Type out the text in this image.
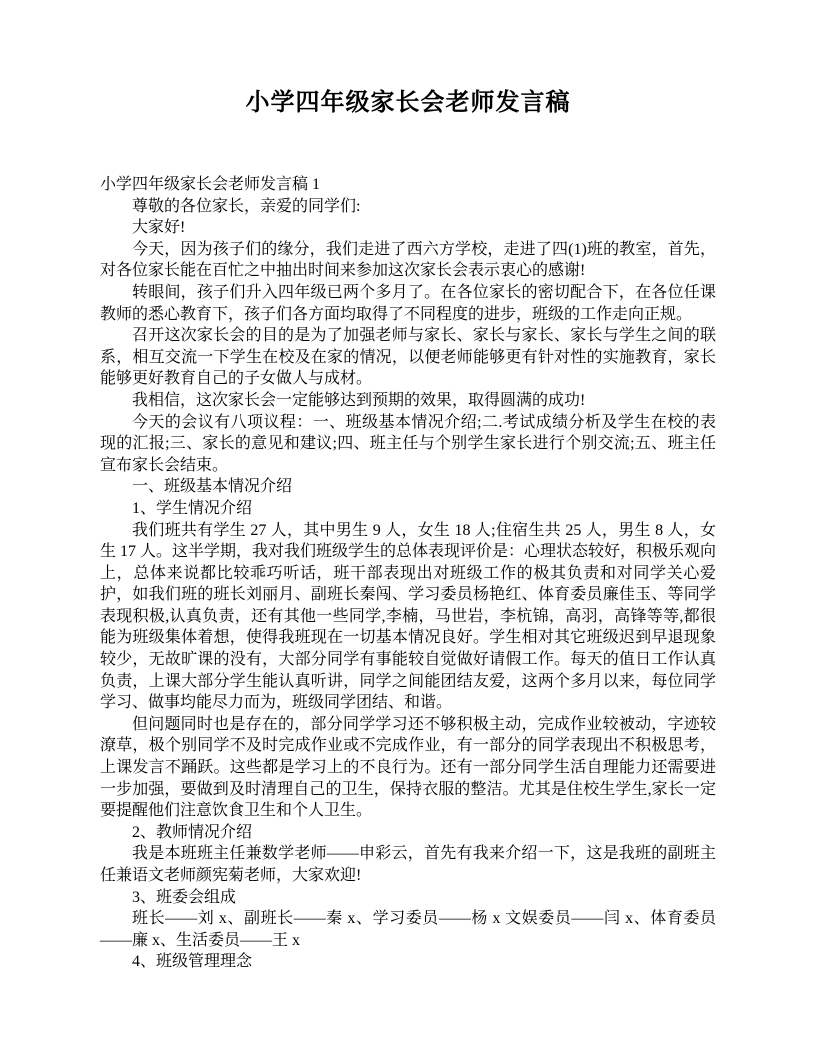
小学四年级家长会老师发言稿

小学四年级家长会老师发言稿 1

尊敬的各位家长，亲爱的同学们:

大家好!

今天，因为孩子们的缘分，我们走进了西六方学校，走进了四(1)班的教室，首先，对各位家长能在百忙之中抽出时间来参加这次家长会表示衷心的感谢!

转眼间，孩子们升入四年级已两个多月了。在各位家长的密切配合下，在各位任课教师的悉心教育下，孩子们各方面均取得了不同程度的进步，班级的工作走向正规。

召开这次家长会的目的是为了加强老师与家长、家长与家长、家长与学生之间的联系，相互交流一下学生在校及在家的情况，以便老师能够更有针对性的实施教育，家长能够更好教育自己的子女做人与成材。

我相信，这次家长会一定能够达到预期的效果，取得圆满的成功!

今天的会议有八项议程：一、班级基本情况介绍;二.考试成绩分析及学生在校的表现的汇报;三、家长的意见和建议;四、班主任与个别学生家长进行个别交流;五、班主任宣布家长会结束。

一、班级基本情况介绍

1、学生情况介绍

我们班共有学生 27 人，其中男生 9 人，女生 18 人;住宿生共 25 人，男生 8 人，女生 17 人。这半学期，我对我们班级学生的总体表现评价是：心理状态较好，积极乐观向上，总体来说都比较乖巧听话，班干部表现出对班级工作的极其负责和对同学关心爱护，如我们班的班长刘丽月、副班长秦闯、学习委员杨艳红、体育委员廉佳玉、等同学表现积极,认真负责，还有其他一些同学,李楠，马世岩，李杭锦，高羽，高锋等等,都很能为班级集体着想，使得我班现在一切基本情况良好。学生相对其它班级迟到早退现象较少，无故旷课的没有，大部分同学有事能较自觉做好请假工作。每天的值日工作认真负责，上课大部分学生能认真听讲，同学之间能团结友爱，这两个多月以来，每位同学学习、做事均能尽力而为，班级同学团结、和谐。

但问题同时也是存在的，部分同学学习还不够积极主动，完成作业较被动，字迹较潦草，极个别同学不及时完成作业或不完成作业，有一部分的同学表现出不积极思考，上课发言不踊跃。这些都是学习上的不良行为。还有一部分同学生活自理能力还需要进一步加强，要做到及时清理自己的卫生，保持衣服的整洁。尤其是住校生学生,家长一定要提醒他们注意饮食卫生和个人卫生。

2、教师情况介绍

我是本班班主任兼数学老师——申彩云，首先有我来介绍一下，这是我班的副班主任兼语文老师颜宪菊老师，大家欢迎!

3、班委会组成

班长——刘 x、副班长——秦 x、学习委员——杨 x 文娱委员——闫 x、体育委员——廉 x、生活委员——王 x

4、班级管理理念
